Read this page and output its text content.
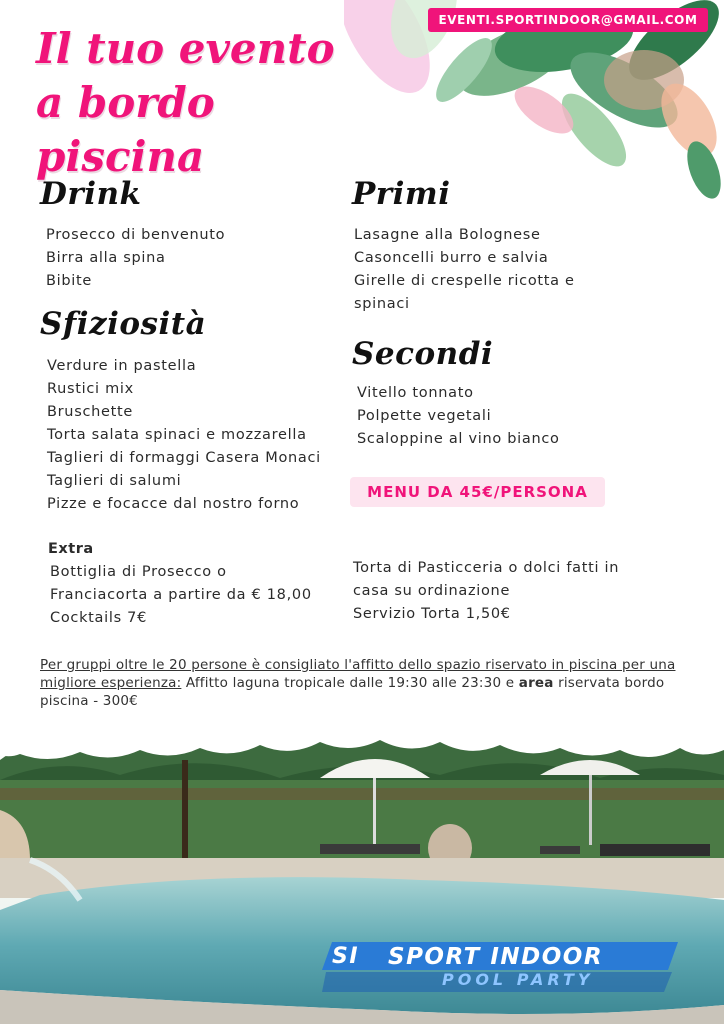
EVENTI.SPORTINDOOR@GMAIL.COM
Il tuo evento
a bordo piscina
Drink
Prosecco di benvenuto
Birra alla spina
Bibite
Primi
Lasagne alla Bolognese
Casoncelli burro e salvia
Girelle di crespelle ricotta e spinaci
Sfiziosità
Verdure in pastella
Rustici mix
Bruschette
Torta salata spinaci e mozzarella
Taglieri di formaggi Casera Monaci
Taglieri di salumi
Pizze e focacce dal nostro forno
Secondi
Vitello tonnato
Polpette vegetali
Scaloppine al vino bianco
MENU DA 45€/PERSONA
Extra
Bottiglia di Prosecco o
Franciacorta a partire da € 18,00
Cocktails 7€
Torta di Pasticceria o dolci fatti in
casa su ordinazione
Servizio Torta 1,50€
Per gruppi oltre le 20 persone è consigliato l'affitto dello spazio riservato in piscina per una migliore esperienza: Affitto laguna tropicale dalle 19:30 alle 23:30 e area riservata bordo piscina - 300€
SI SPORT INDOOR
POOL PARTY
